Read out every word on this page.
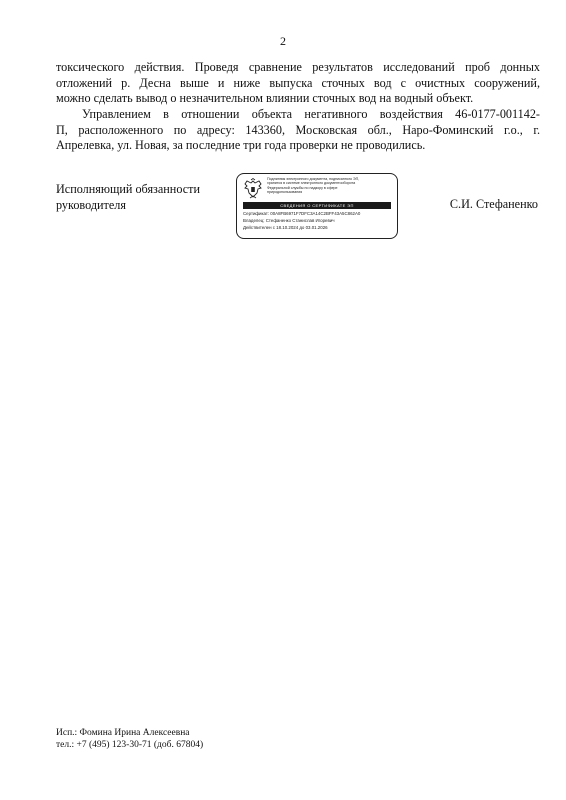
2
токсического действия. Проведя сравнение результатов исследований проб донных
отложений р. Десна выше и ниже выпуска сточных вод с очистных сооружений,
можно сделать вывод о незначительном влиянии сточных вод на водный объект.
Управлением в отношении объекта негативного воздействия 46-0177-001142-
П, расположенного по адресу: 143360, Московская обл., Наро-Фоминский г.о., г.
Апрелевка, ул. Новая, за последние три года проверки не проводились.
Исполняющий обязанности
руководителя
Подлинник электронного документа, подписанного ЭП,
хранится в системе электронного документооборота
Федеральной службы по надзору в сфере
природопользования
СВЕДЕНИЯ О СЕРТИФИКАТЕ ЭП
Сертификат: 00A8FB6971F7DFC3A14C2BFF43A5C862A0
Владелец: Стефаненко Станислав Игоревич
Действителен с 18.10.2024 до 03.01.2026
С.И. Стефаненко
Исп.: Фомина Ирина Алексеевна
тел.: +7 (495) 123-30-71 (доб. 67804)
